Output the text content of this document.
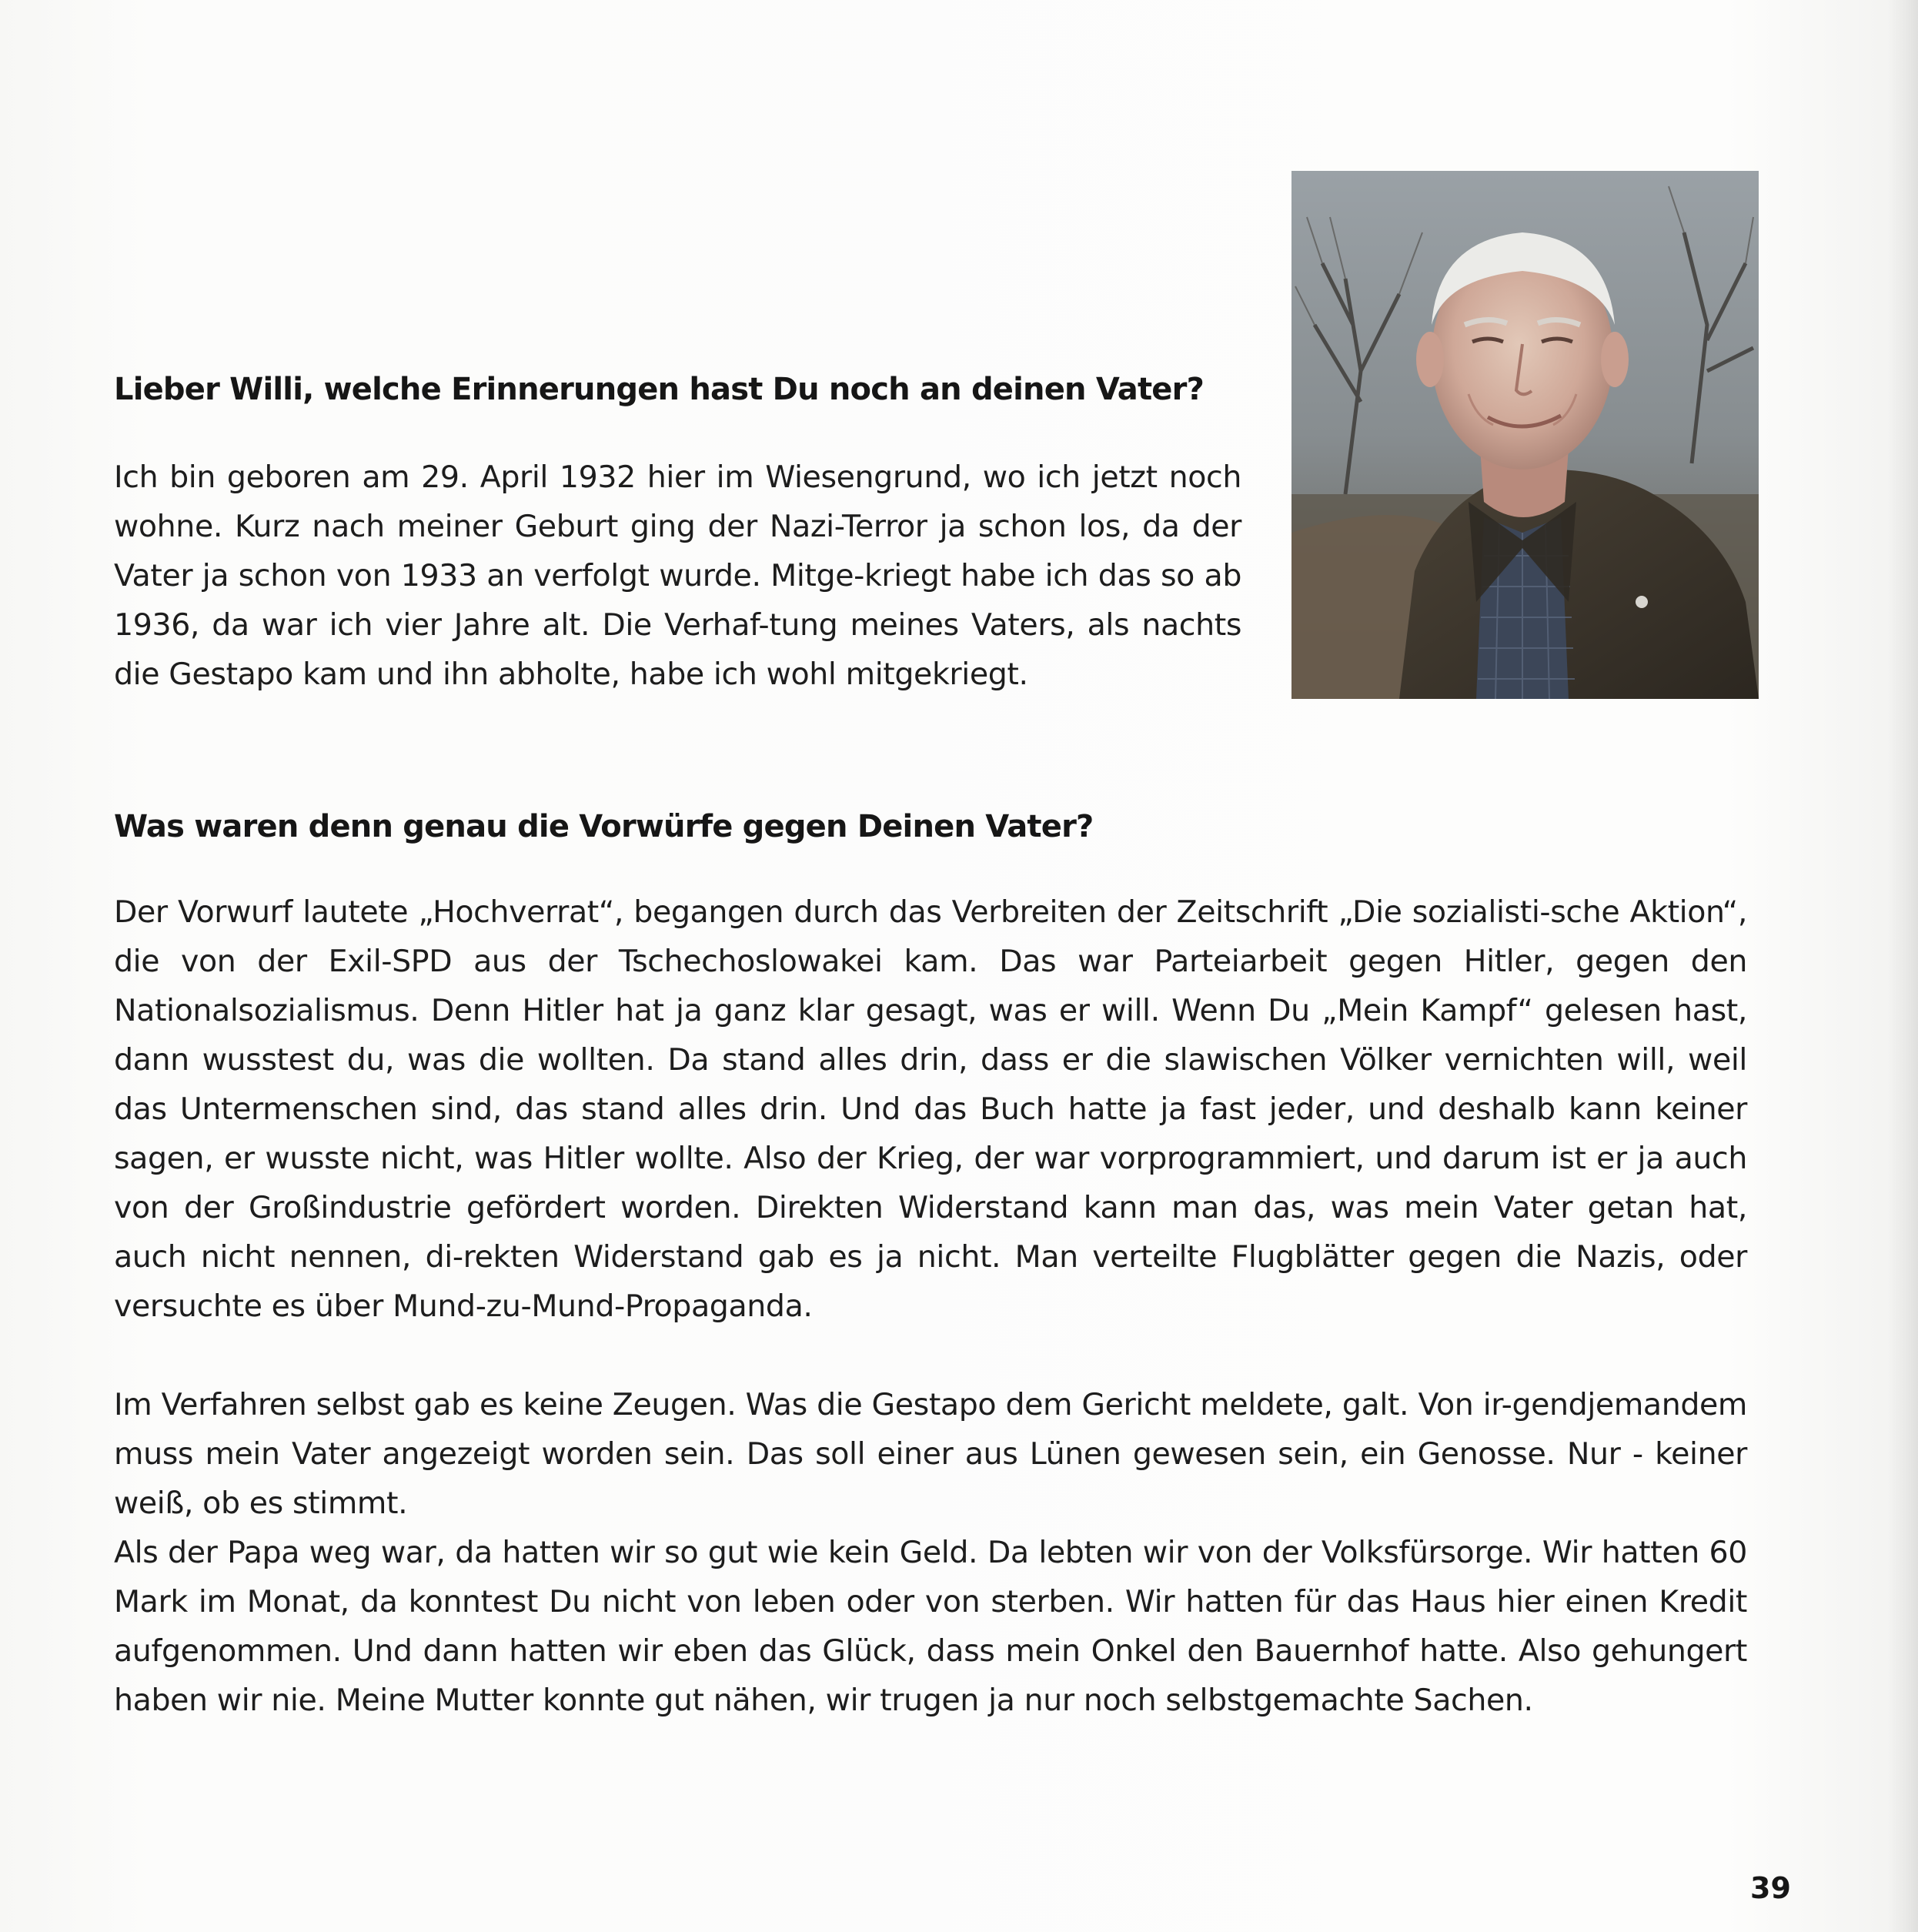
Lieber Willi, welche Erinnerungen hast Du noch an deinen Vater?

Ich bin geboren am 29. April 1932 hier im Wiesengrund, wo ich jetzt noch wohne. Kurz nach meiner Geburt ging der Nazi-Terror ja schon los, da der Vater ja schon von 1933 an verfolgt wurde. Mitge-kriegt habe ich das so ab 1936, da war ich vier Jahre alt. Die Verhaf-tung meines Vaters, als nachts die Gestapo kam und ihn abholte, habe ich wohl mitgekriegt.

Was waren denn genau die Vorwürfe gegen Deinen Vater?

Der Vorwurf lautete „Hochverrat“, begangen durch das Verbreiten der Zeitschrift „Die sozialisti-sche Aktion“, die von der Exil-SPD aus der Tschechoslowakei kam. Das war Parteiarbeit gegen Hitler, gegen den Nationalsozialismus. Denn Hitler hat ja ganz klar gesagt, was er will. Wenn Du „Mein Kampf“ gelesen hast, dann wusstest du, was die wollten. Da stand alles drin, dass er die slawischen Völker vernichten will, weil das Untermenschen sind, das stand alles drin. Und das Buch hatte ja fast jeder, und deshalb kann keiner sagen, er wusste nicht, was Hitler wollte. Also der Krieg, der war vorprogrammiert, und darum ist er ja auch von der Großindustrie gefördert worden. Direkten Widerstand kann man das, was mein Vater getan hat, auch nicht nennen, di-rekten Widerstand gab es ja nicht. Man verteilte Flugblätter gegen die Nazis, oder versuchte es über Mund-zu-Mund-Propaganda.

Im Verfahren selbst gab es keine Zeugen. Was die Gestapo dem Gericht meldete, galt. Von ir-gendjemandem muss mein Vater angezeigt worden sein. Das soll einer aus Lünen gewesen sein, ein Genosse. Nur - keiner weiß, ob es stimmt.

Als der Papa weg war, da hatten wir so gut wie kein Geld. Da lebten wir von der Volksfürsorge. Wir hatten 60 Mark im Monat, da konntest Du nicht von leben oder von sterben. Wir hatten für das Haus hier einen Kredit aufgenommen. Und dann hatten wir eben das Glück, dass mein Onkel den Bauernhof hatte. Also gehungert haben wir nie. Meine Mutter konnte gut nähen, wir trugen ja nur noch selbstgemachte Sachen.

39
